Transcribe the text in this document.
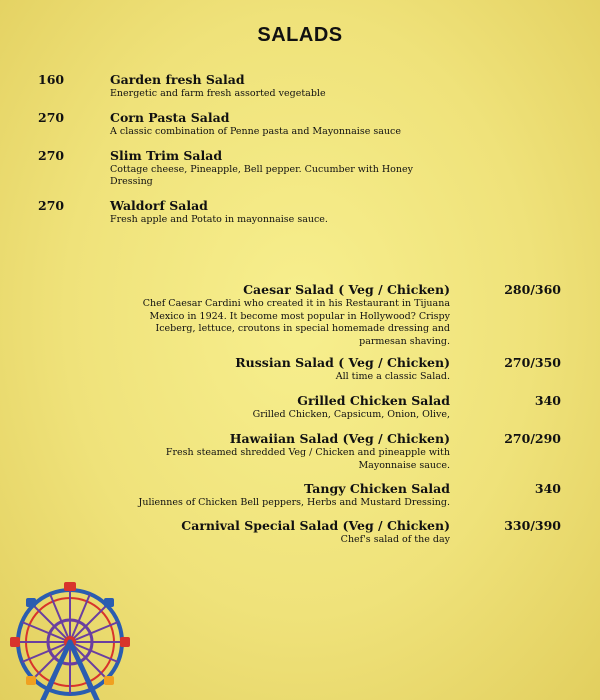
SALADS
160	Garden fresh Salad
Energetic and farm fresh assorted vegetable
270	Corn Pasta Salad
A classic combination of Penne pasta and Mayonnaise sauce
270	Slim Trim Salad
Cottage cheese, Pineapple, Bell pepper. Cucumber with Honey Dressing
270	Waldorf Salad
Fresh apple and Potato in mayonnaise sauce.
Caesar Salad ( Veg / Chicken)	280/360
Chef Caesar Cardini who created it in his Restaurant in Tijuana Mexico in 1924. It become most popular in Hollywood? Crispy Iceberg, lettuce, croutons in special homemade dressing and parmesan shaving.
Russian Salad ( Veg / Chicken)	270/350
All time a classic Salad.
Grilled Chicken Salad	340
Grilled Chicken, Capsicum, Onion, Olive,
Hawaiian Salad (Veg / Chicken)	270/290
Fresh steamed shredded Veg / Chicken and pineapple with Mayonnaise sauce.
Tangy Chicken Salad	340
Juliennes of Chicken Bell peppers, Herbs and Mustard Dressing.
Carnival Special Salad (Veg / Chicken)	330/390
Chef's salad of the day
